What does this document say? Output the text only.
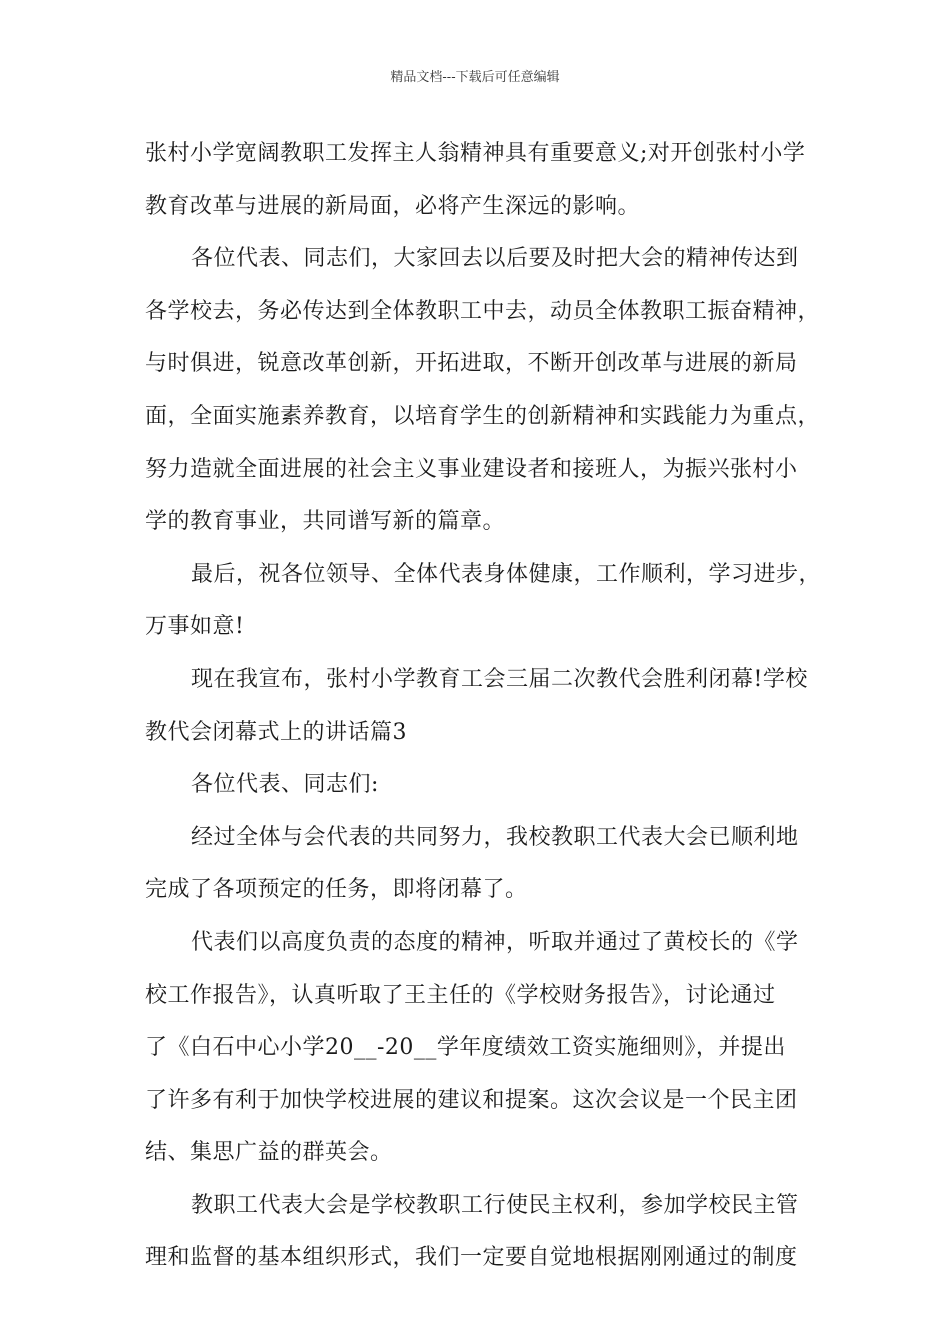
精品文档---下载后可任意编辑
张村小学宽阔教职工发挥主人翁精神具有重要意义;对开创张村小学
教育改革与进展的新局面，必将产生深远的影响。
各位代表、同志们，大家回去以后要及时把大会的精神传达到
各学校去，务必传达到全体教职工中去，动员全体教职工振奋精神，
与时俱进，锐意改革创新，开拓进取，不断开创改革与进展的新局
面，全面实施素养教育，以培育学生的创新精神和实践能力为重点，
努力造就全面进展的社会主义事业建设者和接班人，为振兴张村小
学的教育事业，共同谱写新的篇章。
最后，祝各位领导、全体代表身体健康，工作顺利，学习进步，
万事如意!
现在我宣布，张村小学教育工会三届二次教代会胜利闭幕!学校
教代会闭幕式上的讲话篇3
各位代表、同志们:
经过全体与会代表的共同努力，我校教职工代表大会已顺利地
完成了各项预定的任务，即将闭幕了。
代表们以高度负责的态度的精神，听取并通过了黄校长的《学
校工作报告》，认真听取了王主任的《学校财务报告》，讨论通过
了《白石中心小学20__-20__学年度绩效工资实施细则》，并提出
了许多有利于加快学校进展的建议和提案。这次会议是一个民主团
结、集思广益的群英会。
教职工代表大会是学校教职工行使民主权利，参加学校民主管
理和监督的基本组织形式，我们一定要自觉地根据刚刚通过的制度
